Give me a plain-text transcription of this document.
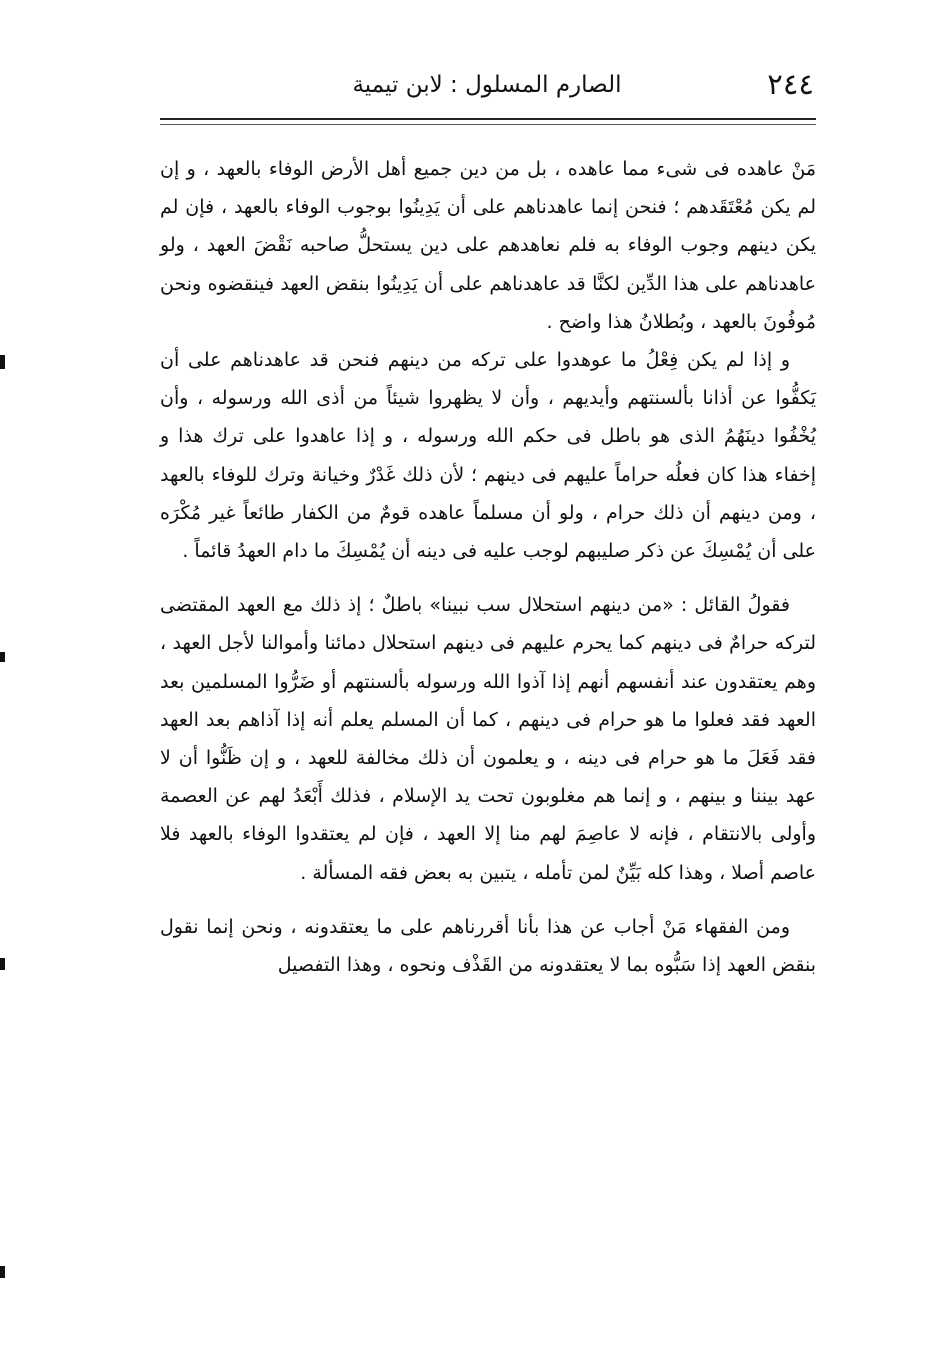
٢٤٤
الصارم المسلول : لابن تيمية

مَنْ عاهده فى شىء مما عاهده ، بل من دين جميع أهل الأرض الوفاء بالعهد ، و إن لم يكن مُعْتَقَدهم ؛ فنحن إنما عاهدناهم على أن يَدِينُوا بوجوب الوفاء بالعهد ، فإن لم يكن دينهم وجوب الوفاء به فلم نعاهدهم على دين يستحلُّ صاحبه نَقْضَ العهد ، ولو عاهدناهم على هذا الدِّين لكنَّا قد عاهدناهم على أن يَدِينُوا بنقض العهد فينقضوه ونحن مُوفُونَ بالعهد ، وبُطلانُ هذا واضح .

و إذا لم يكن فِعْلُ ما عوهدوا على تركه من دينهم فنحن قد عاهدناهم على أن يَكفُّوا عن أذانا بألسنتهم وأيديهم ، وأن لا يظهروا شيئاً من أذى الله ورسوله ، وأن يُخْفُوا دينَهُمُ الذى هو باطل فى حكم الله ورسوله ، و إذا عاهدوا على ترك هذا و إخفاء هذا كان فعلُه حراماً عليهم فى دينهم ؛ لأن ذلك غَدْرٌ وخيانة وترك للوفاء بالعهد ، ومن دينهم أن ذلك حرام ، ولو أن مسلماً عاهده قومٌ من الكفار طائعاً غير مُكْرَه على أن يُمْسِكَ عن ذكر صليبهم لوجب عليه فى دينه أن يُمْسِكَ ما دام العهدُ قائماً .

فقولُ القائل : «من دينهم استحلال سب نبينا» باطلٌ ؛ إذ ذلك مع العهد المقتضى لتركه حرامٌ فى دينهم كما يحرم عليهم فى دينهم استحلال دمائنا وأموالنا لأجل العهد ، وهم يعتقدون عند أنفسهم أنهم إذا آذوا الله ورسوله بألسنتهم أو ضَرُّوا المسلمين بعد العهد فقد فعلوا ما هو حرام فى دينهم ، كما أن المسلم يعلم أنه إذا آذاهم بعد العهد فقد فَعَلَ ما هو حرام فى دينه ، و يعلمون أن ذلك مخالفة للعهد ، و إن ظَنُّوا أن لا عهد بيننا و بينهم ، و إنما هم مغلوبون تحت يد الإسلام ، فذلك أَبْعَدُ لهم عن العصمة وأولى بالانتقام ، فإنه لا عاصِمَ لهم منا إلا العهد ، فإن لم يعتقدوا الوفاء بالعهد فلا عاصم أصلا ، وهذا كله بَيِّنٌ لمن تأمله ، يتبين به بعض فقه المسألة .

ومن الفقهاء مَنْ أجاب عن هذا بأنا أقررناهم على ما يعتقدونه ، ونحن إنما نقول بنقض العهد إذا سَبُّوه بما لا يعتقدونه من القَذْف ونحوه ، وهذا التفصيل
